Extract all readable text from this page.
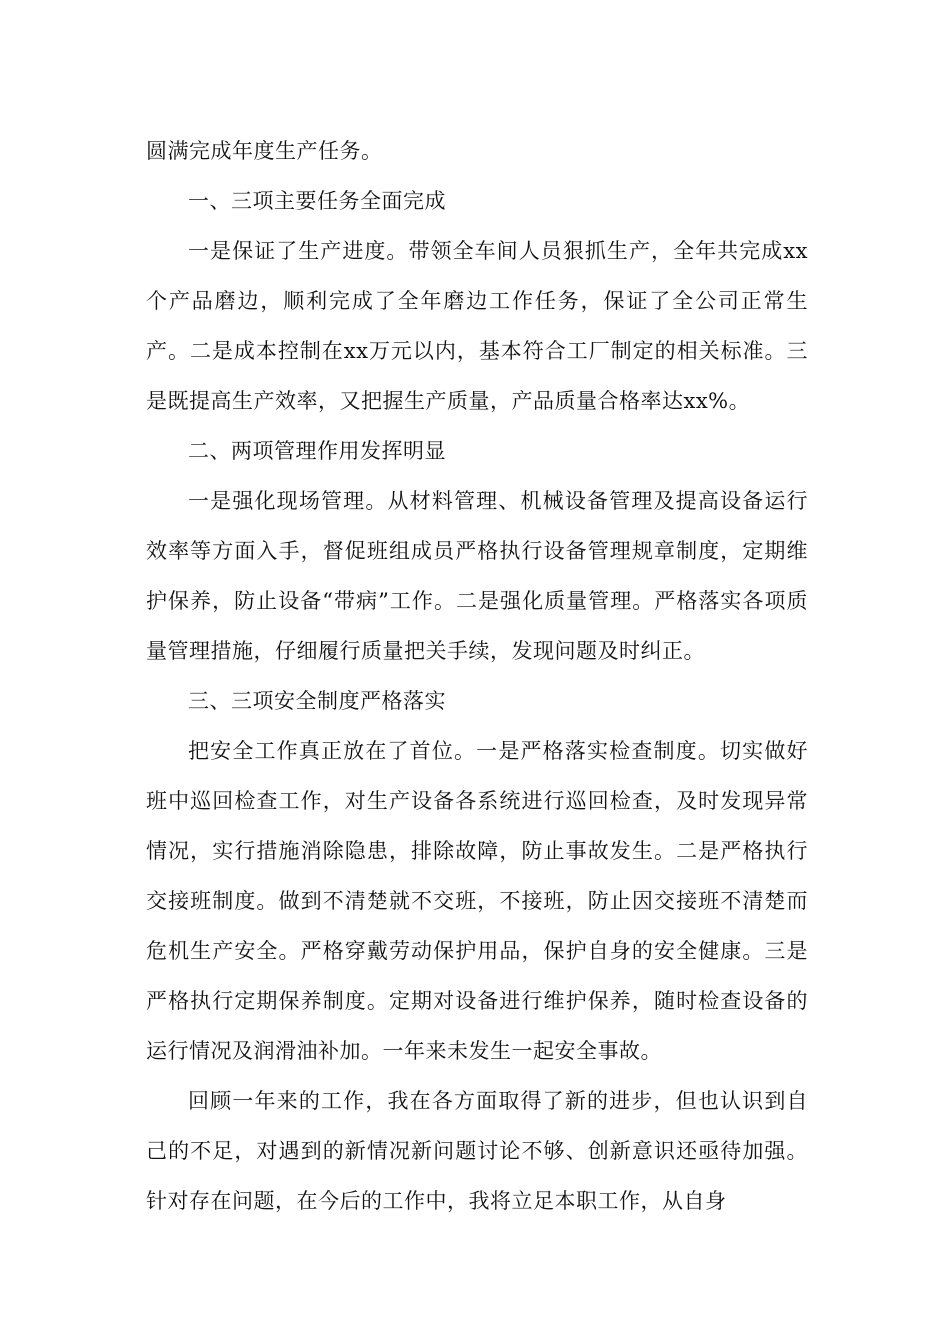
圆满完成年度生产任务。

一、三项主要任务全面完成

一是保证了生产进度。带领全车间人员狠抓生产，全年共完成xx个产品磨边，顺利完成了全年磨边工作任务，保证了全公司正常生产。二是成本控制在xx万元以内，基本符合工厂制定的相关标准。三是既提高生产效率，又把握生产质量，产品质量合格率达xx%。

二、两项管理作用发挥明显

一是强化现场管理。从材料管理、机械设备管理及提高设备运行效率等方面入手，督促班组成员严格执行设备管理规章制度，定期维护保养，防止设备“带病”工作。二是强化质量管理。严格落实各项质量管理措施，仔细履行质量把关手续，发现问题及时纠正。

三、三项安全制度严格落实

把安全工作真正放在了首位。一是严格落实检查制度。切实做好班中巡回检查工作，对生产设备各系统进行巡回检查，及时发现异常情况，实行措施消除隐患，排除故障，防止事故发生。二是严格执行交接班制度。做到不清楚就不交班，不接班，防止因交接班不清楚而危机生产安全。严格穿戴劳动保护用品，保护自身的安全健康。三是严格执行定期保养制度。定期对设备进行维护保养，随时检查设备的运行情况及润滑油补加。一年来未发生一起安全事故。

回顾一年来的工作，我在各方面取得了新的进步，但也认识到自己的不足，对遇到的新情况新问题讨论不够、创新意识还亟待加强。针对存在问题，在今后的工作中，我将立足本职工作，从自身
